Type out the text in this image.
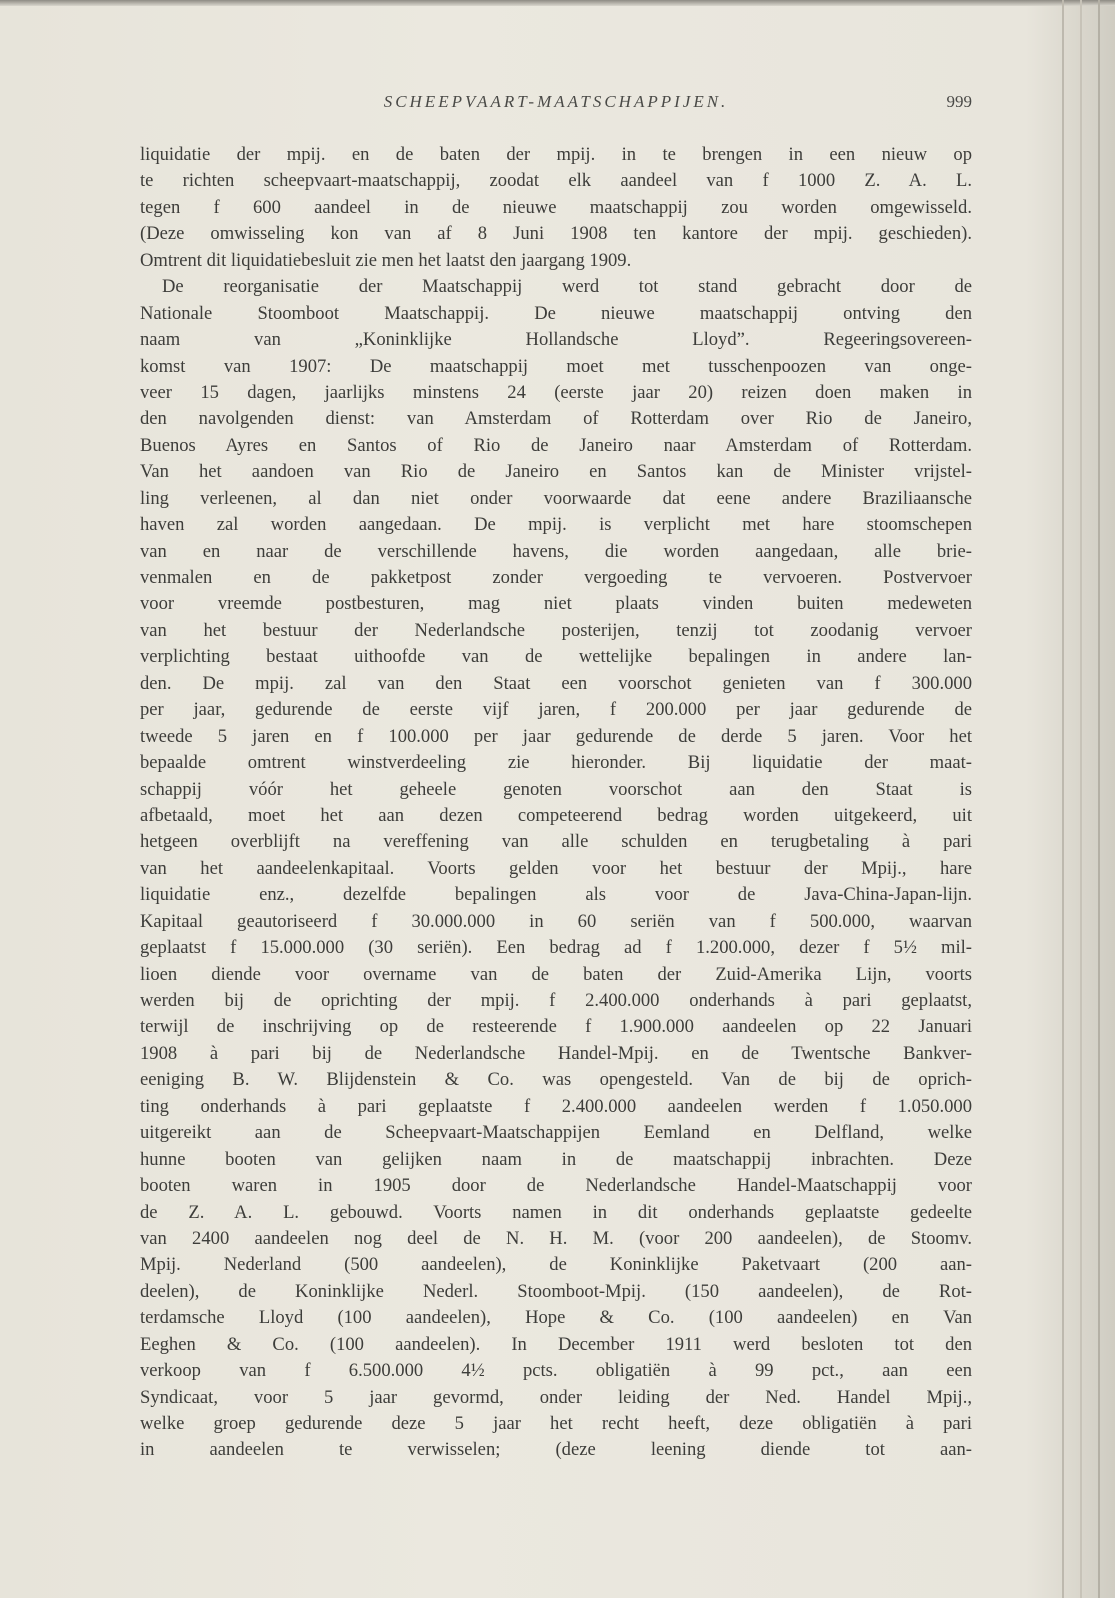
SCHEEPVAART-MAATSCHAPPIJEN.	999
liquidatie der mpij. en de baten der mpij. in te brengen in een nieuw op
te richten scheepvaart-maatschappij, zoodat elk aandeel van f 1000 Z. A. L.
tegen f 600 aandeel in de nieuwe maatschappij zou worden omgewisseld.
(Deze omwisseling kon van af 8 Juni 1908 ten kantore der mpij. geschieden).
Omtrent dit liquidatiebesluit zie men het laatst den jaargang 1909.
De reorganisatie der Maatschappij werd tot stand gebracht door de
Nationale Stoomboot Maatschappij. De nieuwe maatschappij ontving den
naam van „Koninklijke Hollandsche Lloyd”. Regeeringsovereen-
komst van 1907: De maatschappij moet met tusschenpoozen van onge-
veer 15 dagen, jaarlijks minstens 24 (eerste jaar 20) reizen doen maken in
den navolgenden dienst: van Amsterdam of Rotterdam over Rio de Janeiro,
Buenos Ayres en Santos of Rio de Janeiro naar Amsterdam of Rotterdam.
Van het aandoen van Rio de Janeiro en Santos kan de Minister vrijstel-
ling verleenen, al dan niet onder voorwaarde dat eene andere Braziliaansche
haven zal worden aangedaan. De mpij. is verplicht met hare stoomschepen
van en naar de verschillende havens, die worden aangedaan, alle brie-
venmalen en de pakketpost zonder vergoeding te vervoeren. Postvervoer
voor vreemde postbesturen, mag niet plaats vinden buiten medeweten
van het bestuur der Nederlandsche posterijen, tenzij tot zoodanig vervoer
verplichting bestaat uithoofde van de wettelijke bepalingen in andere lan-
den. De mpij. zal van den Staat een voorschot genieten van f 300.000
per jaar, gedurende de eerste vijf jaren, f 200.000 per jaar gedurende de
tweede 5 jaren en f 100.000 per jaar gedurende de derde 5 jaren. Voor het
bepaalde omtrent winstverdeeling zie hieronder. Bij liquidatie der maat-
schappij vóór het geheele genoten voorschot aan den Staat is
afbetaald, moet het aan dezen competeerend bedrag worden uitgekeerd, uit
hetgeen overblijft na vereffening van alle schulden en terugbetaling à pari
van het aandeelenkapitaal. Voorts gelden voor het bestuur der Mpij., hare
liquidatie enz., dezelfde bepalingen als voor de Java-China-Japan-lijn.
Kapitaal geautoriseerd f 30.000.000 in 60 seriën van f 500.000, waarvan
geplaatst f 15.000.000 (30 seriën). Een bedrag ad f 1.200.000, dezer f 5½ mil-
lioen diende voor overname van de baten der Zuid-Amerika Lijn, voorts
werden bij de oprichting der mpij. f 2.400.000 onderhands à pari geplaatst,
terwijl de inschrijving op de resteerende f 1.900.000 aandeelen op 22 Januari
1908 à pari bij de Nederlandsche Handel-Mpij. en de Twentsche Bankver-
eeniging B. W. Blijdenstein & Co. was opengesteld. Van de bij de oprich-
ting onderhands à pari geplaatste f 2.400.000 aandeelen werden f 1.050.000
uitgereikt aan de Scheepvaart-Maatschappijen Eemland en Delfland, welke
hunne booten van gelijken naam in de maatschappij inbrachten. Deze
booten waren in 1905 door de Nederlandsche Handel-Maatschappij voor
de Z. A. L. gebouwd. Voorts namen in dit onderhands geplaatste gedeelte
van 2400 aandeelen nog deel de N. H. M. (voor 200 aandeelen), de Stoomv.
Mpij. Nederland (500 aandeelen), de Koninklijke Paketvaart (200 aan-
deelen), de Koninklijke Nederl. Stoomboot-Mpij. (150 aandeelen), de Rot-
terdamsche Lloyd (100 aandeelen), Hope & Co. (100 aandeelen) en Van
Eeghen & Co. (100 aandeelen). In December 1911 werd besloten tot den
verkoop van f 6.500.000 4½ pcts. obligatiën à 99 pct., aan een
Syndicaat, voor 5 jaar gevormd, onder leiding der Ned. Handel Mpij.,
welke groep gedurende deze 5 jaar het recht heeft, deze obligatiën à pari
in aandeelen te verwisselen; (deze leening diende tot aan-
